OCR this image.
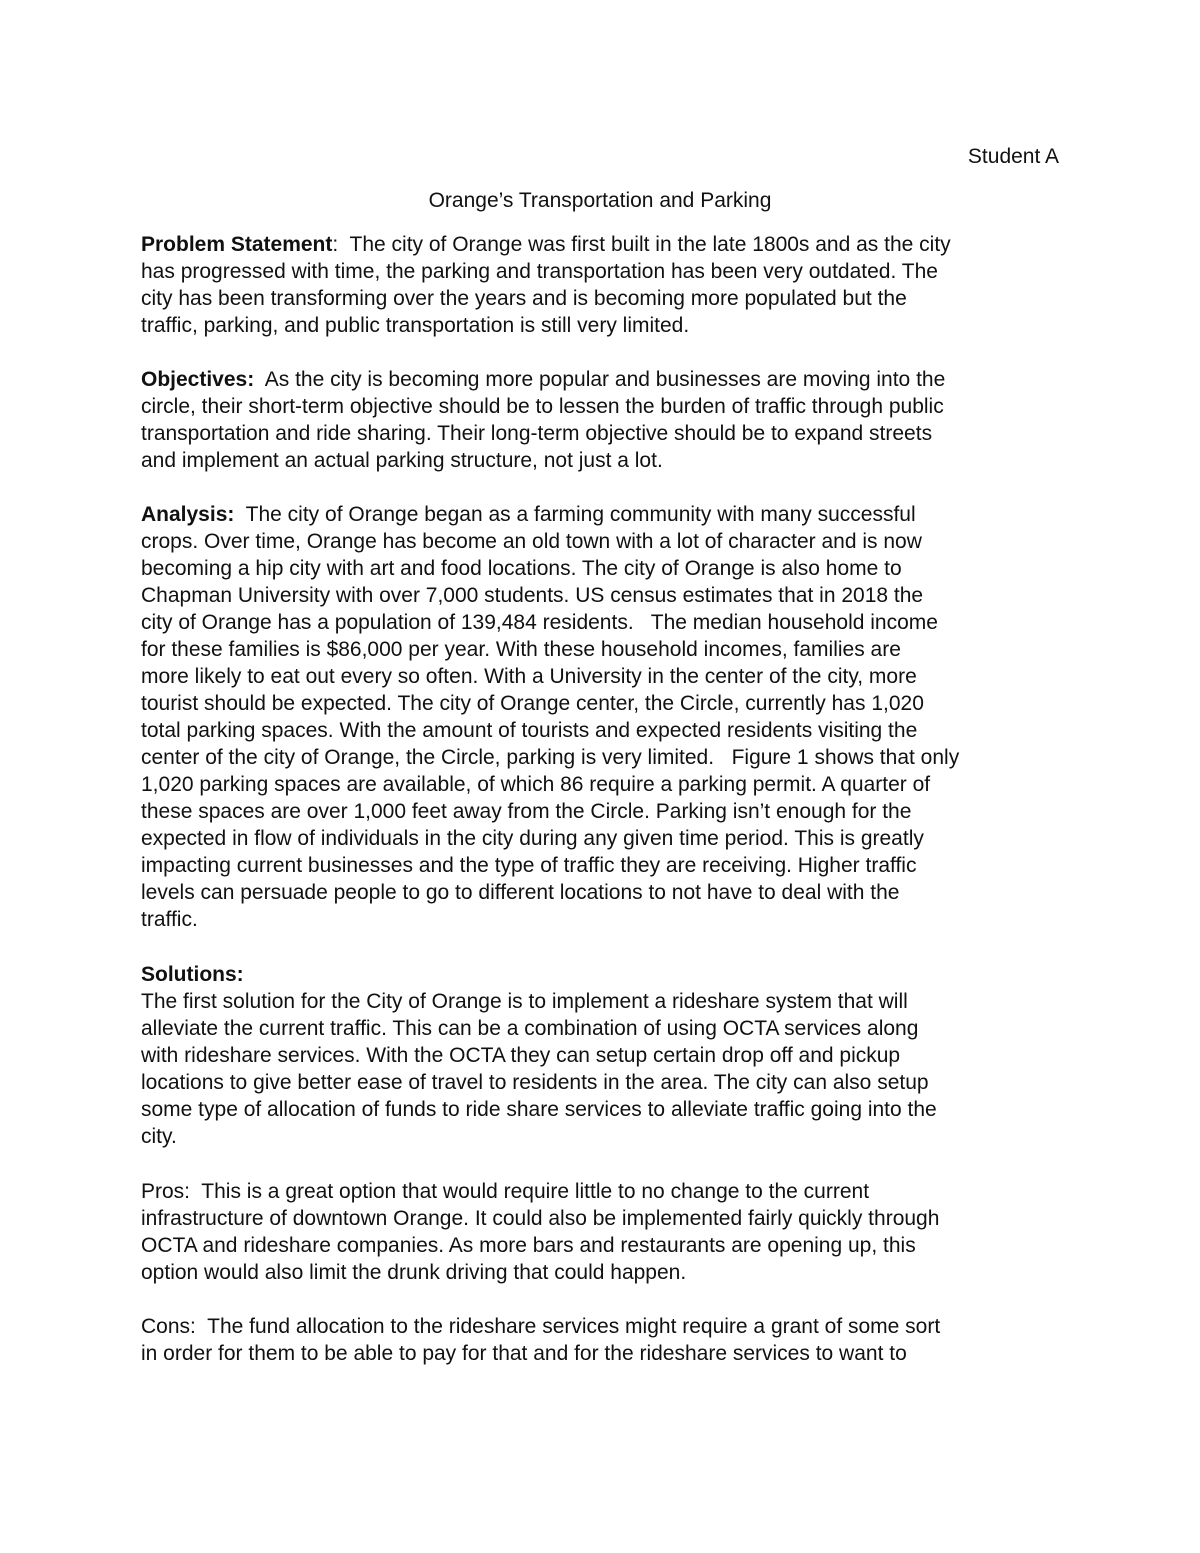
Student A
Orange’s Transportation and Parking

Problem Statement:  The city of Orange was first built in the late 1800s and as the city

has progressed with time, the parking and transportation has been very outdated. The

city has been transforming over the years and is becoming more populated but the

traffic, parking, and public transportation is still very limited.

Objectives:  As the city is becoming more popular and businesses are moving into the

circle, their short-term objective should be to lessen the burden of traffic through public

transportation and ride sharing. Their long-term objective should be to expand streets

and implement an actual parking structure, not just a lot.

Analysis:  The city of Orange began as a farming community with many successful

crops. Over time, Orange has become an old town with a lot of character and is now

becoming a hip city with art and food locations. The city of Orange is also home to

Chapman University with over 7,000 students. US census estimates that in 2018 the

city of Orange has a population of 139,484 residents.   The median household income

for these families is $86,000 per year. With these household incomes, families are

more likely to eat out every so often. With a University in the center of the city, more

tourist should be expected. The city of Orange center, the Circle, currently has 1,020

total parking spaces. With the amount of tourists and expected residents visiting the

center of the city of Orange, the Circle, parking is very limited.   Figure 1 shows that only

1,020 parking spaces are available, of which 86 require a parking permit. A quarter of

these spaces are over 1,000 feet away from the Circle. Parking isn’t enough for the

expected in flow of individuals in the city during any given time period. This is greatly

impacting current businesses and the type of traffic they are receiving. Higher traffic

levels can persuade people to go to different locations to not have to deal with the

traffic.

Solutions:

The first solution for the City of Orange is to implement a rideshare system that will

alleviate the current traffic. This can be a combination of using OCTA services along

with rideshare services. With the OCTA they can setup certain drop off and pickup

locations to give better ease of travel to residents in the area. The city can also setup

some type of allocation of funds to ride share services to alleviate traffic going into the

city.

Pros:  This is a great option that would require little to no change to the current

infrastructure of downtown Orange. It could also be implemented fairly quickly through

OCTA and rideshare companies. As more bars and restaurants are opening up, this

option would also limit the drunk driving that could happen.

Cons:  The fund allocation to the rideshare services might require a grant of some sort

in order for them to be able to pay for that and for the rideshare services to want to
